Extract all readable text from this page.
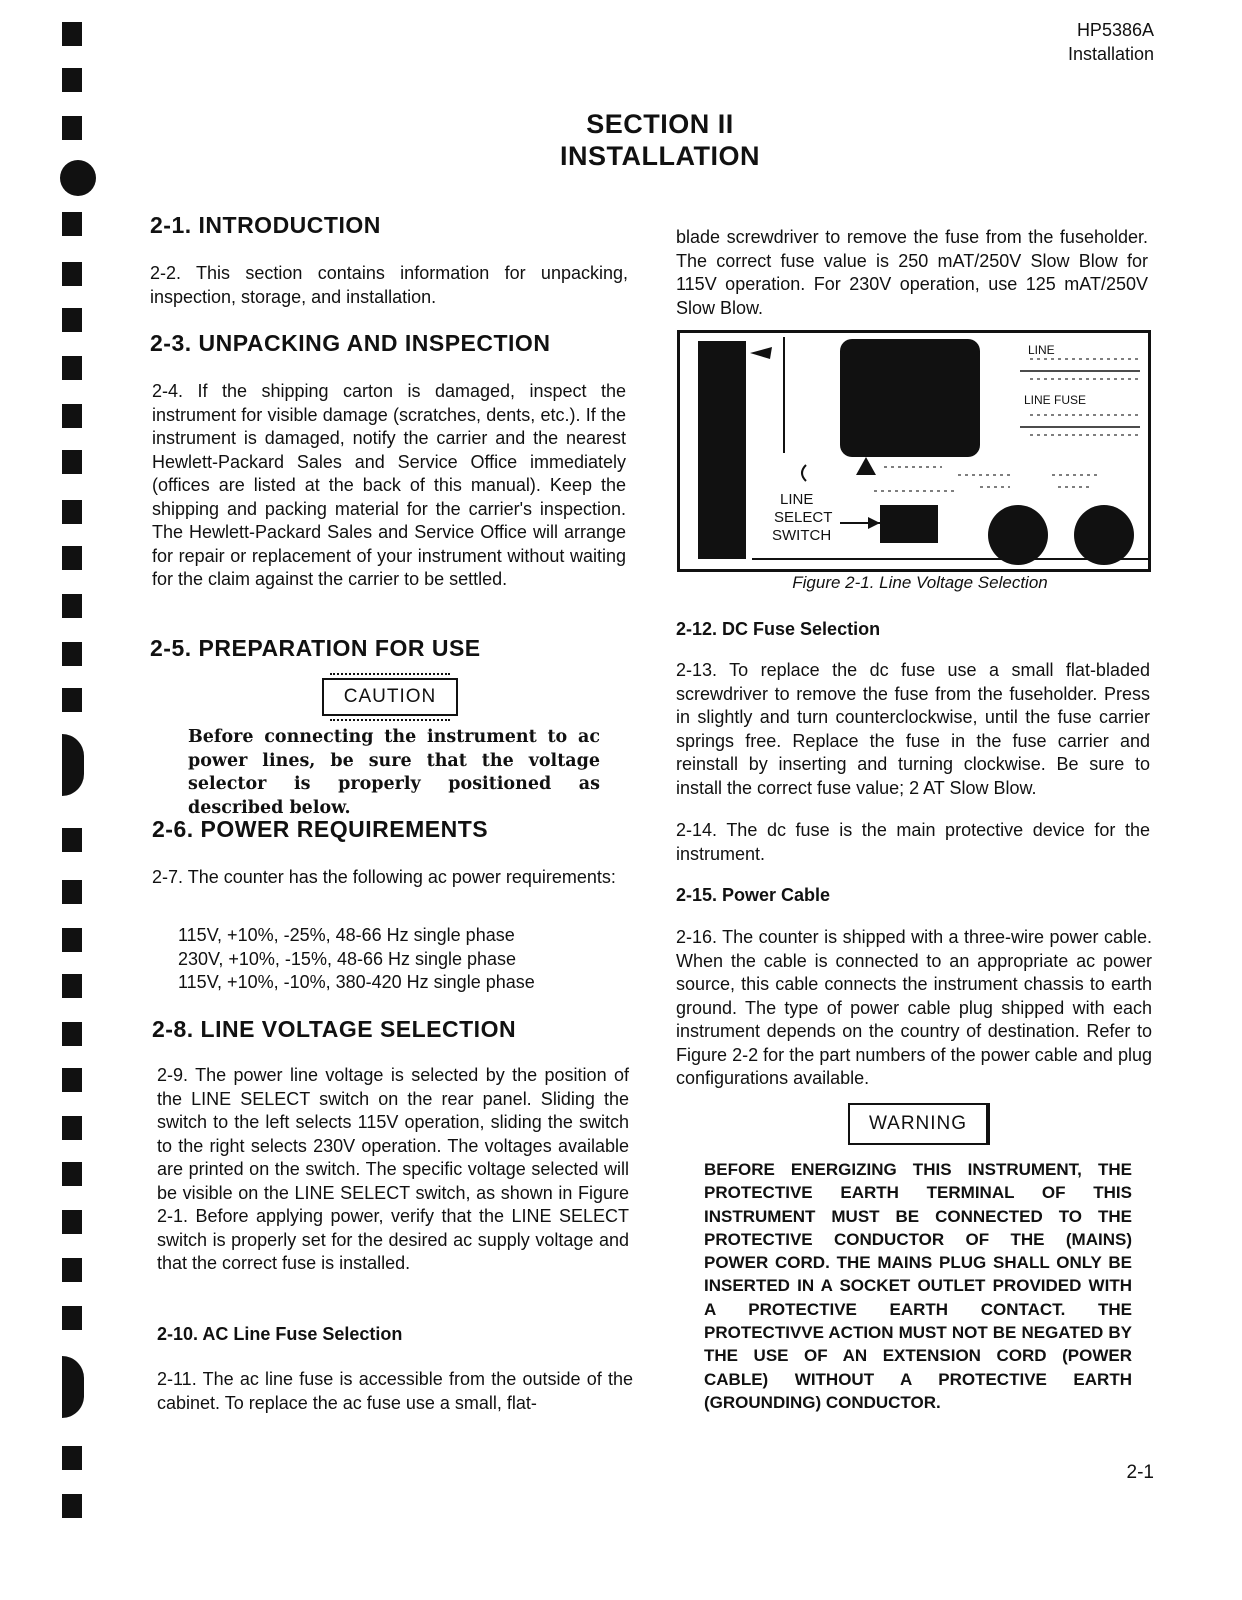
HP5386A
Installation
SECTION II
INSTALLATION
2-1. INTRODUCTION

2-2. This section contains information for unpacking, inspection, storage, and installation.

2-3. UNPACKING AND INSPECTION

2-4. If the shipping carton is damaged, inspect the instrument for visible damage (scratches, dents, etc.). If the instrument is damaged, notify the carrier and the nearest Hewlett-Packard Sales and Service Office immediately (offices are listed at the back of this manual). Keep the shipping and packing material for the carrier's inspection. The Hewlett-Packard Sales and Service Office will arrange for repair or replacement of your instrument without waiting for the claim against the carrier to be settled.

2-5. PREPARATION FOR USE
CAUTION

Before connecting the instrument to ac power lines, be sure that the voltage selector is properly positioned as described below.

2-6. POWER REQUIREMENTS

2-7. The counter has the following ac power requirements:

115V, +10%, -25%, 48-66 Hz single phase
230V, +10%, -15%, 48-66 Hz single phase
115V, +10%, -10%, 380-420 Hz single phase
2-8. LINE VOLTAGE SELECTION

2-9. The power line voltage is selected by the position of the LINE SELECT switch on the rear panel. Sliding the switch to the left selects 115V operation, sliding the switch to the right selects 230V operation. The voltages available are printed on the switch. The specific voltage selected will be visible on the LINE SELECT switch, as shown in Figure 2-1. Before applying power, verify that the LINE SELECT switch is properly set for the desired ac supply voltage and that the correct fuse is installed.

2-10. AC Line Fuse Selection

2-11. The ac line fuse is accessible from the outside of the cabinet. To replace the ac fuse use a small, flat-

blade screwdriver to remove the fuse from the fuseholder. The correct fuse value is 250 mAT/250V Slow Blow for 115V operation. For 230V operation, use 125 mAT/250V Slow Blow.

LINE
LINE FUSE
LINE
SELECT
SWITCH
Figure 2-1. Line Voltage Selection
2-12. DC Fuse Selection

2-13. To replace the dc fuse use a small flat-bladed screwdriver to remove the fuse from the fuseholder. Press in slightly and turn counterclockwise, until the fuse carrier springs free. Replace the fuse in the fuse carrier and reinstall by inserting and turning clockwise. Be sure to install the correct fuse value; 2 AT Slow Blow.

2-14. The dc fuse is the main protective device for the instrument.

2-15. Power Cable

2-16. The counter is shipped with a three-wire power cable. When the cable is connected to an appropriate ac power source, this cable connects the instrument chassis to earth ground. The type of power cable plug shipped with each instrument depends on the country of destination. Refer to Figure 2-2 for the part numbers of the power cable and plug configurations available.

WARNING

BEFORE ENERGIZING THIS INSTRUMENT, THE PROTECTIVE EARTH TERMINAL OF THIS INSTRUMENT MUST BE CONNECTED TO THE PROTECTIVE CONDUCTOR OF THE (MAINS) POWER CORD. THE MAINS PLUG SHALL ONLY BE INSERTED IN A SOCKET OUTLET PROVIDED WITH A PROTECTIVE EARTH CONTACT. THE PROTECTIVVE ACTION MUST NOT BE NEGATED BY THE USE OF AN EXTENSION CORD (POWER CABLE) WITHOUT A PROTECTIVE EARTH (GROUNDING) CONDUCTOR.

2-1
